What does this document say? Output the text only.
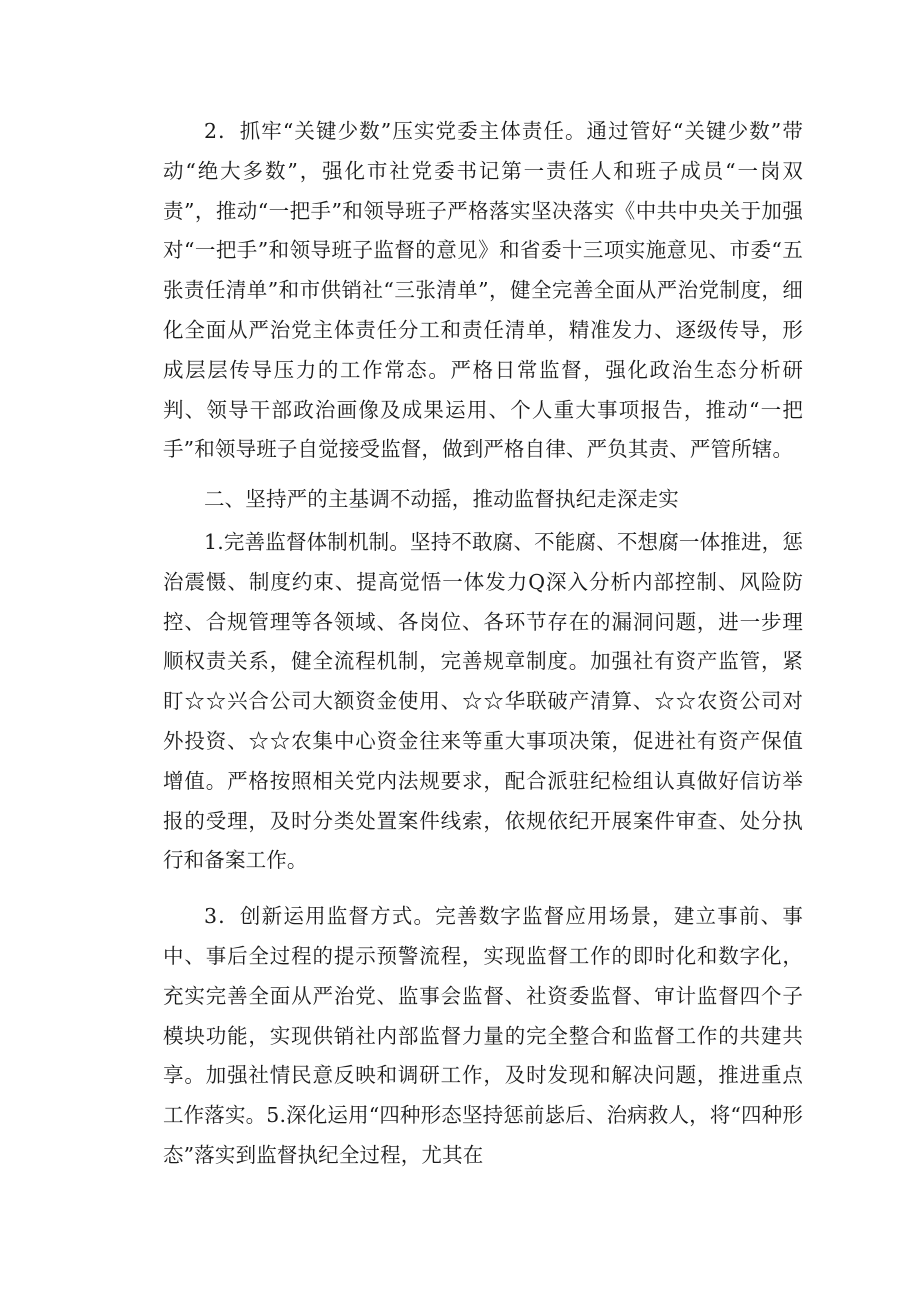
2．抓牢“关键少数”压实党委主体责任。通过管好“关键少数”带动“绝大多数”，强化市社党委书记第一责任人和班子成员“一岗双责”，推动“一把手”和领导班子严格落实坚决落实《中共中央关于加强对“一把手”和领导班子监督的意见》和省委十三项实施意见、市委“五张责任清单”和市供销社“三张清单”，健全完善全面从严治党制度，细化全面从严治党主体责任分工和责任清单，精准发力、逐级传导，形成层层传导压力的工作常态。严格日常监督，强化政治生态分析研判、领导干部政治画像及成果运用、个人重大事项报告，推动“一把手”和领导班子自觉接受监督，做到严格自律、严负其责、严管所辖。

二、坚持严的主基调不动摇，推动监督执纪走深走实

1.完善监督体制机制。坚持不敢腐、不能腐、不想腐一体推进，惩治震慑、制度约束、提高觉悟一体发力Q深入分析内部控制、风险防控、合规管理等各领域、各岗位、各环节存在的漏洞问题，进一步理顺权责关系，健全流程机制，完善规章制度。加强社有资产监管，紧盯☆☆兴合公司大额资金使用、☆☆华联破产清算、☆☆农资公司对外投资、☆☆农集中心资金往来等重大事项决策，促进社有资产保值增值。严格按照相关党内法规要求，配合派驻纪检组认真做好信访举报的受理，及时分类处置案件线索，依规依纪开展案件审查、处分执行和备案工作。

3．创新运用监督方式。完善数字监督应用场景，建立事前、事中、事后全过程的提示预警流程，实现监督工作的即时化和数字化，充实完善全面从严治党、监事会监督、社资委监督、审计监督四个子模块功能，实现供销社内部监督力量的完全整合和监督工作的共建共享。加强社情民意反映和调研工作，及时发现和解决问题，推进重点工作落实。5.深化运用“四种形态坚持惩前毖后、治病救人，将“四种形态”落实到监督执纪全过程，尤其在
